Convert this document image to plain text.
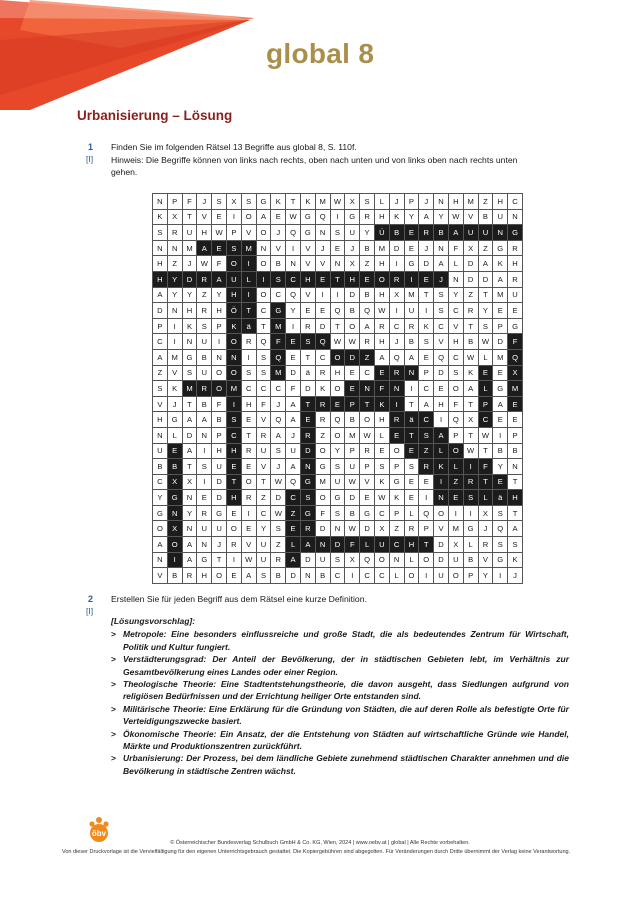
global 8
Urbanisierung – Lösung
1
[I]
Finden Sie im folgenden Rätsel 13 Begriffe aus global 8, S. 110f.
Hinweis: Die Begriffe können von links nach rechts, oben nach unten und von links oben nach rechts unten gehen.
N	P	F	J	S	X	S	G	K	T	K	M	W	X	S	L	J	P	J	N	H	M	Z	H	C
K	X	T	V	E	I	O	A	E	W	G	Q	I	G	R	H	K	Y	A	Y	W	V	B	U	N
S	R	U	H	W	P	V	O	J	Q	G	N	S	U	Y	Ü	B	E	R	B	A	U	U	N	G
N	N	M	A	E	S	M	N	V	I	V	J	E	J	B	M	D	E	J	N	F	X	Z	G	R
H	Z	J	W	F	O	I	O	B	N	V	V	N	X	Z	H	I	G	D	A	L	D	A	K	H
H	Y	D	R	A	U	L	I	S	C	H	E	T	H	E	O	R	I	E	J	N	D	D	A	R
A	Y	Y	Z	Y	H	I	O	C	Q	V	I	I	D	B	H	X	M	T	S	Y	Z	T	M	U
D	N	H	R	H	Ö	T	C	G	Y	E	E	Q	B	Q	W	I	U	I	S	C	R	Y	E	E
P	I	K	S	P	K	ä	T	M	I	R	D	T	O	A	R	C	R	K	C	V	T	S	P	G
C	I	N	U	I	O	R	Q	F	E	S	Q	W	W	R	H	J	B	S	V	H	B	W	D	F
A	M	G	B	N	N	I	S	Q	E	T	C	O	D	Z	A	Q	A	E	Q	C	W	L	M	Q
Z	V	S	U	O	O	S	S	M	D	ä	R	H	E	C	E	R	N	P	D	S	K	E	E	X
S	K	M	R	O	M	C	C	C	F	D	K	O	E	N	F	N	I	C	E	O	A	L	G	M
V	J	T	B	F	I	H	F	J	A	T	R	E	P	T	K	I	T	A	H	F	T	P	A	E
H	G	A	A	B	S	E	V	Q	A	E	R	Q	B	O	H	R	ä	C	I	Q	X	C	E	E
N	L	D	N	P	C	T	R	A	J	R	Z	O	M	W	L	E	T	S	A	P	T	W	I	P
U	E	A	I	H	H	R	U	S	U	D	O	Y	P	R	E	O	E	Z	L	O	W	T	B	B
B	B	T	S	U	E	E	V	J	A	N	G	S	U	P	S	P	S	R	K	L	I	F	Y	N
C	X	X	I	D	T	O	T	W	Q	G	M	U	W	V	K	G	E	E	I	Z	R	T	E	T
Y	G	N	E	D	H	R	Z	D	C	S	O	G	D	E	W	K	E	I	N	E	S	L	ä	H
G	N	Y	R	G	E	I	C	W	Z	G	F	S	B	G	C	P	L	Q	O	I	I	X	S	T
O	X	N	U	U	O	E	Y	S	E	R	D	N	W	D	X	Z	R	P	V	M	G	J	Q	A
A	O	A	N	J	R	V	U	Z	L	A	N	D	F	L	U	C	H	T	D	X	L	R	S	S
N	I	A	G	T	I	W	U	R	A	D	U	S	X	Q	O	N	L	O	D	U	B	V	G	K
V	B	R	H	O	E	A	S	B	D	N	B	C	I	C	C	L	O	I	U	O	P	Y	I	J
2
[I]
Erstellen Sie für jeden Begriff aus dem Rätsel eine kurze Definition.
[Lösungsvorschlag]:
> Metropole: Eine besonders einflussreiche und große Stadt, die als bedeutendes Zentrum für Wirtschaft, Politik und Kultur fungiert.
> Verstädterungsgrad: Der Anteil der Bevölkerung, der in städtischen Gebieten lebt, im Verhältnis zur Gesamtbevölkerung eines Landes oder einer Region.
> Theologische Theorie: Eine Stadtentstehungstheorie, die davon ausgeht, dass Siedlungen aufgrund von religiösen Bedürfnissen und der Errichtung heiliger Orte entstanden sind.
> Militärische Theorie: Eine Erklärung für die Gründung von Städten, die auf deren Rolle als befestigte Orte für Verteidigungszwecke basiert.
> Ökonomische Theorie: Ein Ansatz, der die Entstehung von Städten auf wirtschaftliche Gründe wie Handel, Märkte und Produktionszentren zurückführt.
> Urbanisierung: Der Prozess, bei dem ländliche Gebiete zunehmend städtischen Charakter annehmen und die Bevölkerung in städtische Zentren wächst.
öbv
© Österreichischer Bundesverlag Schulbuch GmbH & Co. KG, Wien, 2024 | www.oebv.at | global | Alle Rechte vorbehalten.
Von dieser Druckvorlage ist die Vervielfältigung für den eigenen Unterrichtsgebrauch gestattet. Die Kopiergebühren sind abgegolten. Für Veränderungen durch Dritte übernimmt der Verlag keine Verantwortung.
